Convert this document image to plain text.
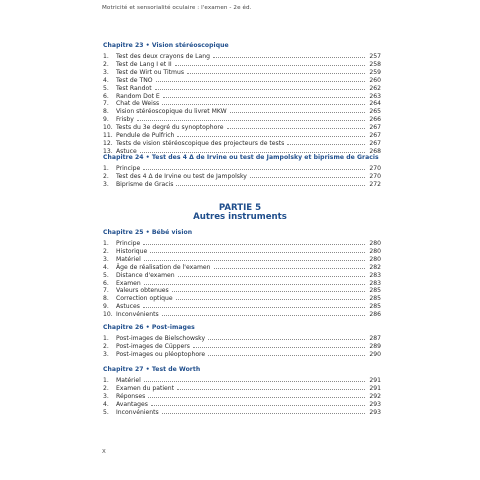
Motricité et sensorialité oculaire : l'examen - 2e éd.
Chapitre 23 • Vision stéréoscopique
1.	Test des deux crayons de Lang	257
2.	Test de Lang I et II	258
3.	Test de Wirt ou Titmus	259
4.	Test de TNO	260
5.	Test Randot	262
6.	Random Dot E	263
7.	Chat de Weiss	264
8.	Vision stéréoscopique du livret MKW	265
9.	Frisby	266
10. Tests du 3e degré du synoptophore	267
11. Pendule de Pulfrich	267
12. Tests de vision stéréoscopique des projecteurs de tests	267
13. Astuce	268
Chapitre 24 • Test des 4 Δ de Irvine ou test de Jampolsky et biprisme de Gracis
1.	Principe	270
2.	Test des 4 Δ de Irvine ou test de Jampolsky	270
3.	Biprisme de Gracis	272
PARTIE 5
Autres instruments
Chapitre 25 • Bébé vision
1.	Principe	280
2.	Historique	280
3.	Matériel	280
4.	Âge de réalisation de l'examen	282
5.	Distance d'examen	283
6.	Examen	283
7.	Valeurs obtenues	285
8.	Correction optique	285
9.	Astuces	285
10. Inconvénients	286
Chapitre 26 • Post-images
1.	Post-images de Bielschowsky	287
2.	Post-images de Cüppers	289
3.	Post-images ou pléoptophore	290
Chapitre 27 • Test de Worth
1.	Matériel	291
2.	Examen du patient	291
3.	Réponses	292
4.	Avantages	293
5.	Inconvénients	293
X
